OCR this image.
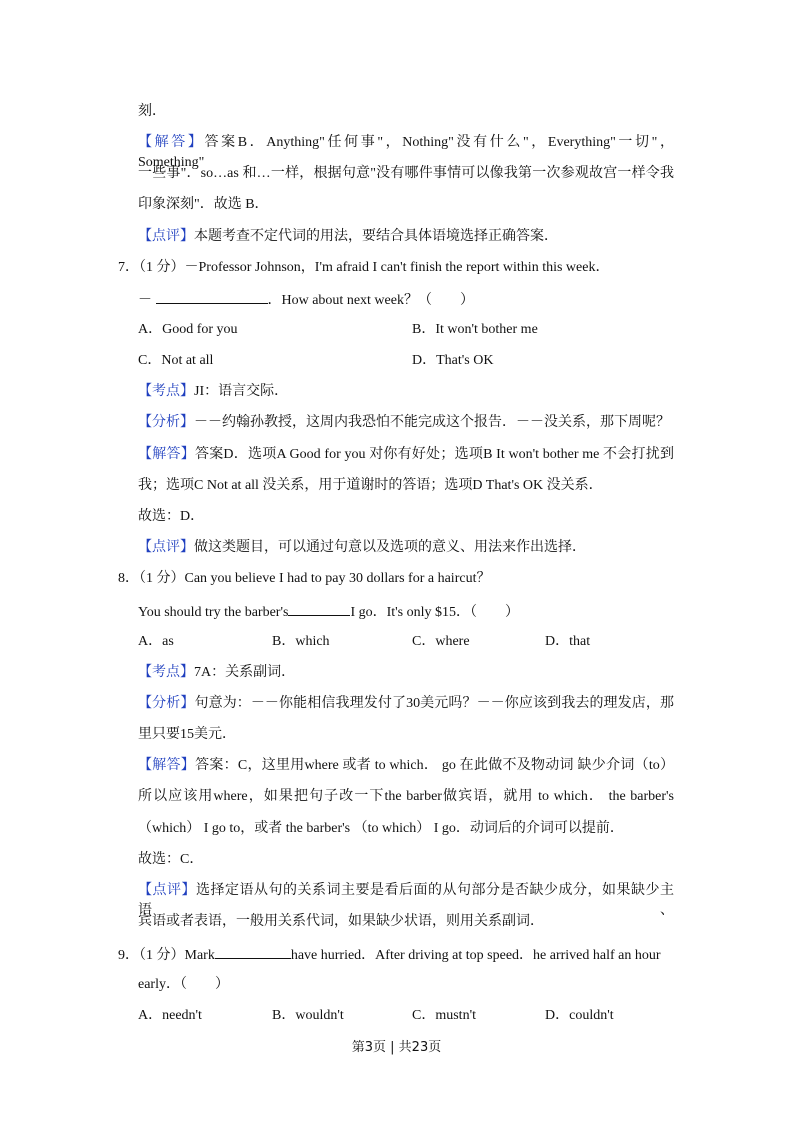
刻．
【解答】答案B．Anything"任何事"，Nothing"没有什么"，Everything"一切"，Something"
一些事"．so…as 和…一样，根据句意"没有哪件事情可以像我第一次参观故宫一样令我
印象深刻"．故选 B．
【点评】本题考查不定代词的用法，要结合具体语境选择正确答案．
7．（1 分）－Professor Johnson，I'm afraid I can't finish the report within this week．
－	．How about next week？（　　）
A．Good for you	B．It won't bother me
C．Not at all	D．That's OK
【考点】JI：语言交际．
【分析】－－约翰孙教授，这周内我恐怕不能完成这个报告．－－没关系，那下周呢？
【解答】答案D．选项A Good for you 对你有好处；选项B It won't bother me 不会打扰到
我；选项C Not at all 没关系，用于道谢时的答语；选项D That's OK 没关系．
故选：D．
【点评】做这类题目，可以通过句意以及选项的意义、用法来作出选择．
8．（1 分）Can you believe I had to pay 30 dollars for a haircut？
You should try the barber's	I go．It's only $15．（　　）
A．as	B．which	C．where	D．that
【考点】7A：关系副词．
【分析】句意为：－－你能相信我理发付了30美元吗？－－你应该到我去的理发店，那
里只要15美元．
【解答】答案：C，这里用where 或者 to which． go 在此做不及物动词 缺少介词（to）
所以应该用where，如果把句子改一下the barber做宾语，就用 to which． the barber's
（which） I go to，或者 the barber's （to which） I go．动词后的介词可以提前．
故选：C．
【点评】选择定语从句的关系词主要是看后面的从句部分是否缺少成分，如果缺少主语、
宾语或者表语，一般用关系代词，如果缺少状语，则用关系副词．
9．（1 分）Mark	have hurried．After driving at top speed．he arrived half an hour
early．（　　）
A．needn't	B．wouldn't	C．mustn't	D．couldn't
第3页 | 共23页
